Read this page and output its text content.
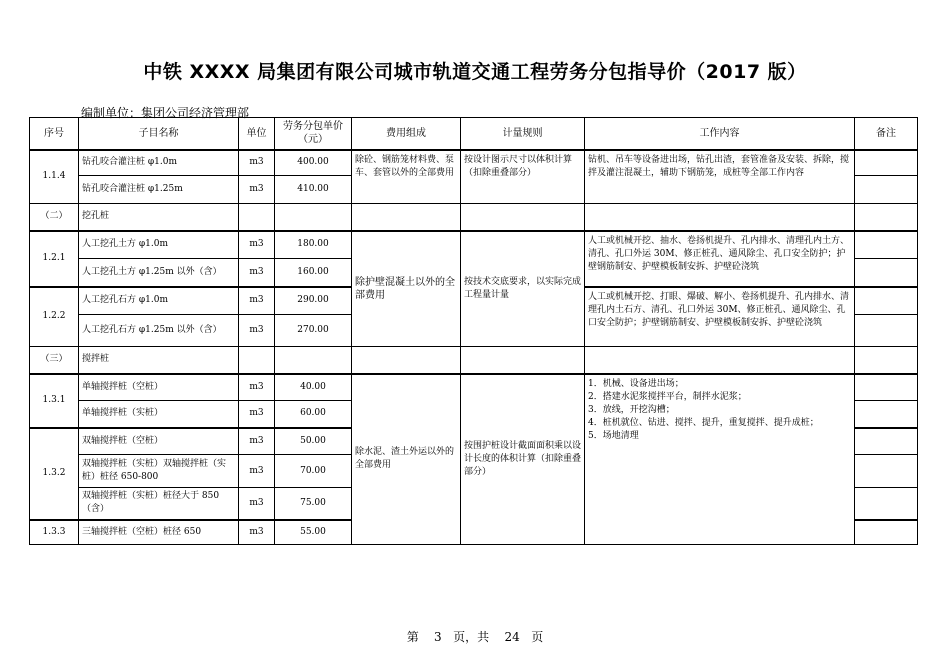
中铁 XXXX 局集团有限公司城市轨道交通工程劳务分包指导价（2017 版）
编制单位：集团公司经济管理部
序号	子目名称	单位	劳务分包单价（元）	费用组成	计量规则	工作内容	备注
1.1.4	钻孔咬合灌注桩 φ1.0m	m3	400.00	除砼、钢筋笼材料费、泵车、套管以外的全部费用	按设计图示尺寸以体积计算（扣除重叠部分）	钻机、吊车等设备进出场，钻孔出渣，套管准备及安装、拆除，搅拌及灌注混凝土，辅助下钢筋笼，成桩等全部工作内容	
	钻孔咬合灌注桩 φ1.25m	m3	410.00				
（二）	挖孔桩						
1.2.1	人工挖孔土方 φ1.0m	m3	180.00	除护壁混凝土以外的全部费用	按技术交底要求，以实际完成工程量计量	人工或机械开挖、抽水、卷扬机提升、孔内排水、清理孔内土方、清孔、孔口外运 30M、修正桩孔、通风除尘、孔口安全防护；护壁钢筋制安、护壁模板制安拆、护壁砼浇筑	
	人工挖孔土方 φ1.25m 以外（含）	m3	160.00				
1.2.2	人工挖孔石方 φ1.0m	m3	290.00			人工或机械开挖、打眼、爆破、解小、卷扬机提升、孔内排水、清理孔内土石方、清孔、孔口外运 30M、修正桩孔、通风除尘、孔口安全防护；护壁钢筋制安、护壁模板制安拆、护壁砼浇筑	
	人工挖孔石方 φ1.25m 以外（含）	m3	270.00				
（三）	搅拌桩						
1.3.1	单轴搅拌桩（空桩）	m3	40.00	除水泥、渣土外运以外的全部费用	按围护桩设计截面面积乘以设计长度的体积计算（扣除重叠部分）	1．机械、设备进出场；
2．搭建水泥浆搅拌平台，制拌水泥浆；
3．放线，开挖沟槽；
4．桩机就位、钻进、搅拌、提升，重复搅拌、提升成桩；
5．场地清理	

	单轴搅拌桩（实桩）	m3	60.00				
1.3.2	双轴搅拌桩（空桩）	m3	50.00				
	双轴搅拌桩（实桩）双轴搅拌桩（实桩）桩径 650-800	m3	70.00				
	双轴搅拌桩（实桩）桩径大于 850（含）	m3	75.00				
1.3.3	三轴搅拌桩（空桩）桩径 650	m3	55.00				
第 3 页，共 24 页
